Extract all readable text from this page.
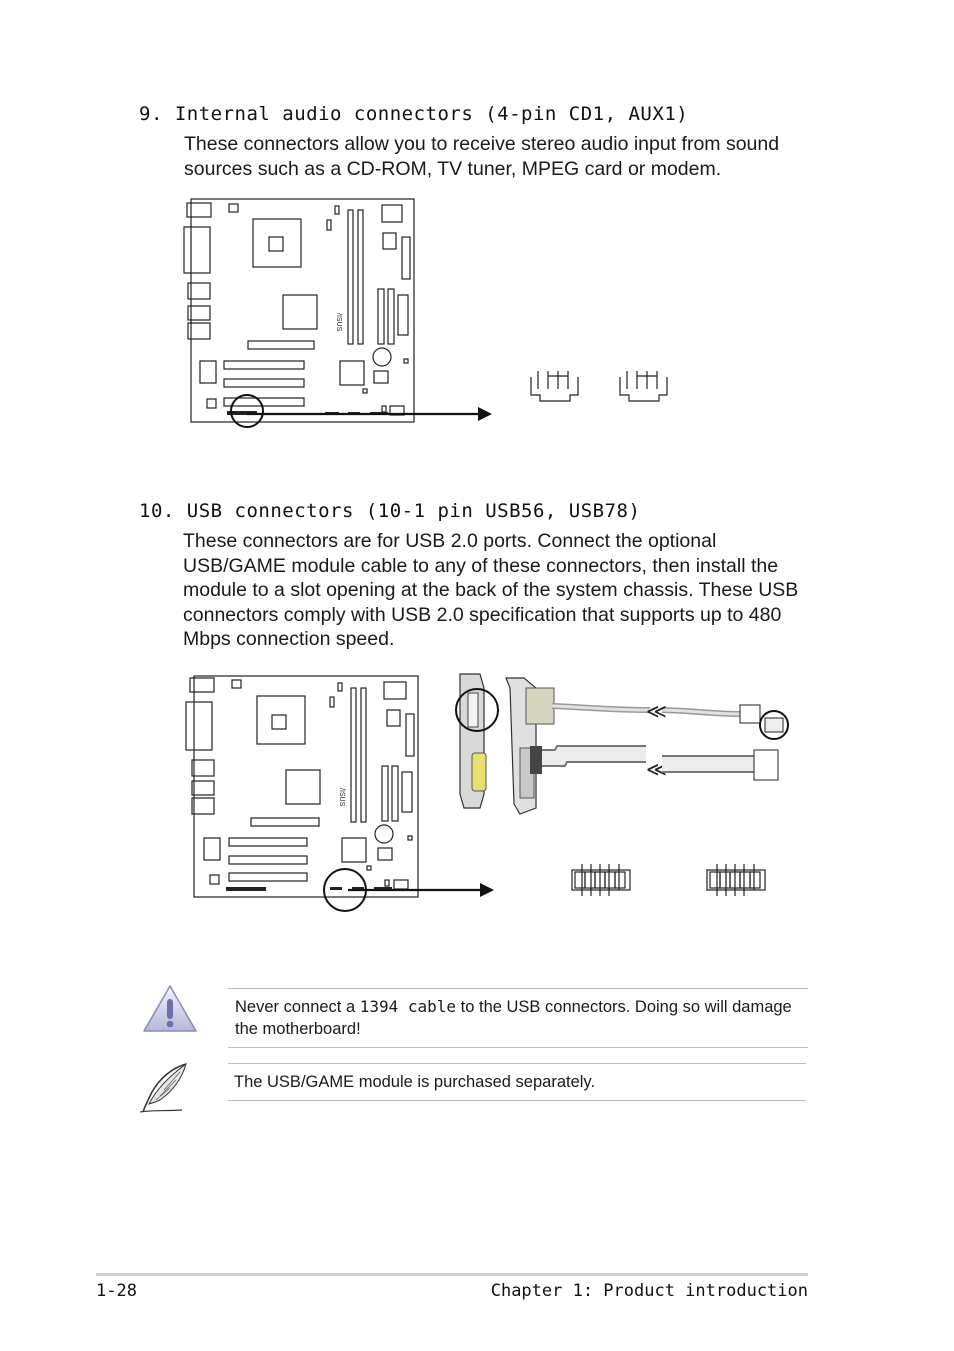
9. Internal audio connectors (4-pin CD1, AUX1)
These connectors allow you to receive stereo audio input from sound sources such as a CD-ROM, TV tuner, MPEG card or modem.
/ISUS
10. USB connectors (10-1 pin USB56, USB78)
These connectors are for USB 2.0 ports. Connect the optional USB/GAME module cable to any of these connectors, then install the module to a slot opening at the back of the system chassis. These USB connectors comply with USB 2.0 specification that supports up to 480 Mbps connection speed.
/ISUS
≪
≪
Never connect a 1394 cable to the USB connectors. Doing so will damage the motherboard!
The USB/GAME module is purchased separately.
1-28	Chapter 1: Product introduction
